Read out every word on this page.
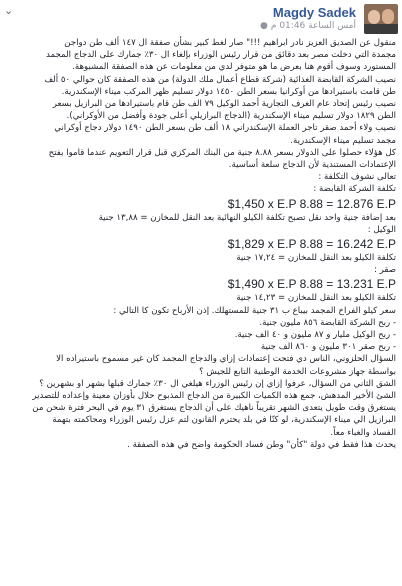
⌄	Magdy Sadek
أمس الساعة 01:46 م
●

منقول عن الصديق العزيز نادر ابراهيم !!!" صار لغط كبير بشأن صفقة ال ١٤٧ ألف طن دواجن

مجمدة التي دخلت مصر بعد دقائق من قرار رئيس الوزراء بإلغاء ال ٣٠٪ جمارك على الدجاج المجمد

المستورد وسوف أقوم هنا بعرض ما هو متوفر لدي من معلومات عن هذه الصفقة المشبوهة.

نصيب الشركة القابضة الغذائية (شركة قطاع أعمال ملك الدولة) من هذه الصفقة كان حوالي ٥٠ ألف

طن قامت باستيرادها من أوكرانيا بسعر الطن ١٤٥٠ دولار تسليم ظهر المركب ميناء الإسكندرية.

نصيب رئيس إتحاد عام الغرف التجارية أحمد الوكيل ٧٩ الف طن قام باستيرادها من البرازيل بسعر

الطن ١٨٢٩ دولار تسليم ميناء الإسكندرية (الدجاج البرازيلي أعلى جودة وأفضل من الأوكراني).

نصيب ولاء أحمد صقر تاجر العملة الإسكندراني ١٨ ألف طن بسعر الطن ١٤٩٠ دولار دجاج أوكراني

مجمد تسليم ميناء الإسكندرية.

كل هؤلاء حصلوا على الدولار بسعر ٨.٨٨ جنية من البنك المركزي قبل قرار التعويم عندما قاموا بفتح

الإعتمادات المستندية لأن الدجاج سلعة أساسية.

تعالى نشوف التكلفة :

تكلفة الشركة القابضة :

$1,450 x E.P 8.88 = 12.876 E.P

بعد إضافة جنية واحد نقل تصبح تكلفة الكيلو النهائية بعد النقل للمخازن = ١٣,٨٨ جنية

الوكيل :

$1,829 x E.P 8.88 = 16.242 E.P

تكلفة الكيلو بعد النقل للمخازن = ١٧,٢٤ جنية

صقر :

$1,490 x E.P 8.88 = 13.231 E.P

تكلفة الكيلو بعد النقل للمخازن = ١٤,٢٣ جنية

سعر كيلو الفراخ المجمد بيباع ب ٣١ جنية للمستهلك. إذن الأرباح تكون كا التالي :

- ربح الشركة القابضة ٨٥٦ مليون جنية.

- ربح الوكيل مليار و ٨٧ مليون و ٤٠ الف جنية.

- ربح صقر ٣٠١ مليون و ٨٦٠ الف جنية

السؤال الحلزوني، الناس دي فتحت إعتمادات إزاي والدجاج المجمد كان غير مسموح باستيراده الا

بواسطة جهاز مشروعات الخدمة الوطنية التابع للجيش ؟

الشق الثاني من السؤال، عرفوا إزاي إن رئيس الوزراء هيلغي ال ٣٠٪ جمارك قبلها بشهر او بشهرين ؟

الشئ الأخير المدهش، جمع هذه الكميات الكبيرة من الدجاج المذبوح حلال بأوزان معينة وإعداده للتصدير

يستغرق وقت طويل يتعدى الشهر تقريباً ناهيك على أن الدجاج يستغرق ٣١ يوم في البحر فترة شحن من

البرازيل الي ميناء الإسكندرية، لو كنّا في بلد يحترم القانون لتم عزل رئيس الوزراء ومحاكمته بتهمة

الفساد والغباء معاً.

يحدث هذا فقط في دولة "كأن" وطن فساد الحكومة واضح في هذه الصفقة .
